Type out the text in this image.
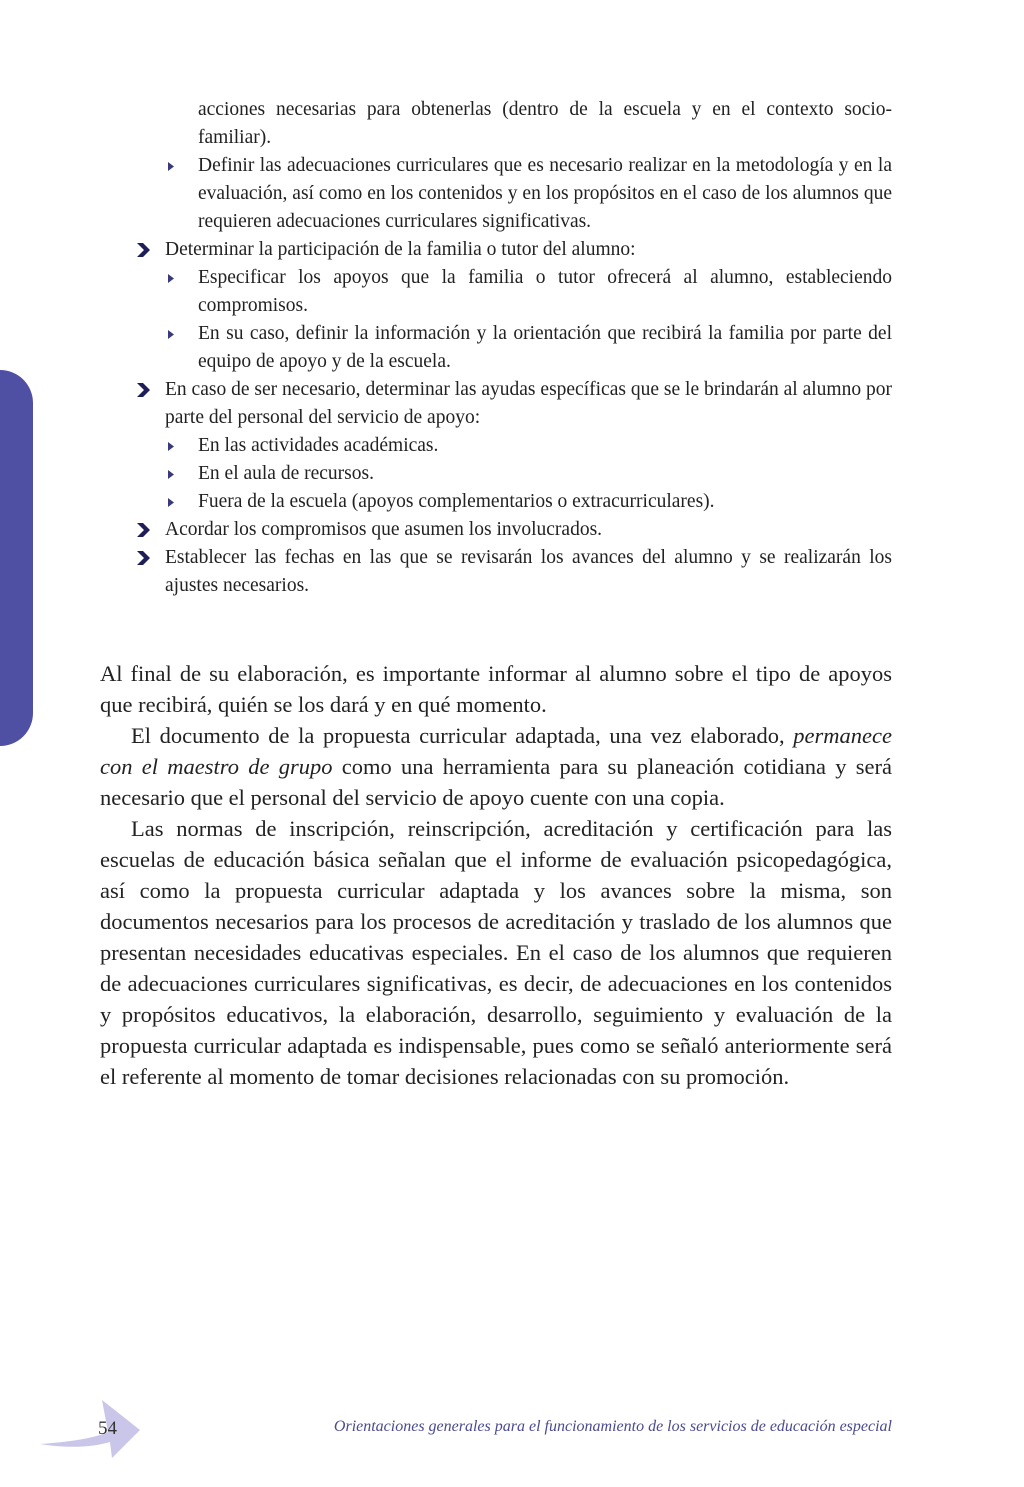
acciones necesarias para obtenerlas (dentro de la escuela y en el contexto socio-familiar).
Definir las adecuaciones curriculares que es necesario realizar en la metodología y en la evaluación, así como en los contenidos y en los propósitos en el caso de los alumnos que requieren adecuaciones curriculares significativas.
Determinar la participación de la familia o tutor del alumno:
Especificar los apoyos que la familia o tutor ofrecerá al alumno, estableciendo compromisos.
En su caso, definir la información y la orientación que recibirá la familia por parte del equipo de apoyo y de la escuela.
En caso de ser necesario, determinar las ayudas específicas que se le brindarán al alumno por parte del personal del servicio de apoyo:
En las actividades académicas.
En el aula de recursos.
Fuera de la escuela (apoyos complementarios o extracurriculares).
Acordar los compromisos que asumen los involucrados.
Establecer las fechas en las que se revisarán los avances del alumno y se realizarán los ajustes necesarios.

Al final de su elaboración, es importante informar al alumno sobre el tipo de apoyos que recibirá, quién se los dará y en qué momento.

El documento de la propuesta curricular adaptada, una vez elaborado, permanece con el maestro de grupo como una herramienta para su planeación cotidiana y será necesario que el personal del servicio de apoyo cuente con una copia.

Las normas de inscripción, reinscripción, acreditación y certificación para las escuelas de educación básica señalan que el informe de evaluación psicopedagógica, así como la propuesta curricular adaptada y los avances sobre la misma, son documentos necesarios para los procesos de acreditación y traslado de los alumnos que presentan necesidades educativas especiales. En el caso de los alumnos que requieren de adecuaciones curriculares significativas, es decir, de adecuaciones en los contenidos y propósitos educativos, la elaboración, desarrollo, seguimiento y evaluación de la propuesta curricular adaptada es indispensable, pues como se señaló anteriormente será el referente al momento de tomar decisiones relacionadas con su promoción.

54	Orientaciones generales para el funcionamiento de los servicios de educación especial
